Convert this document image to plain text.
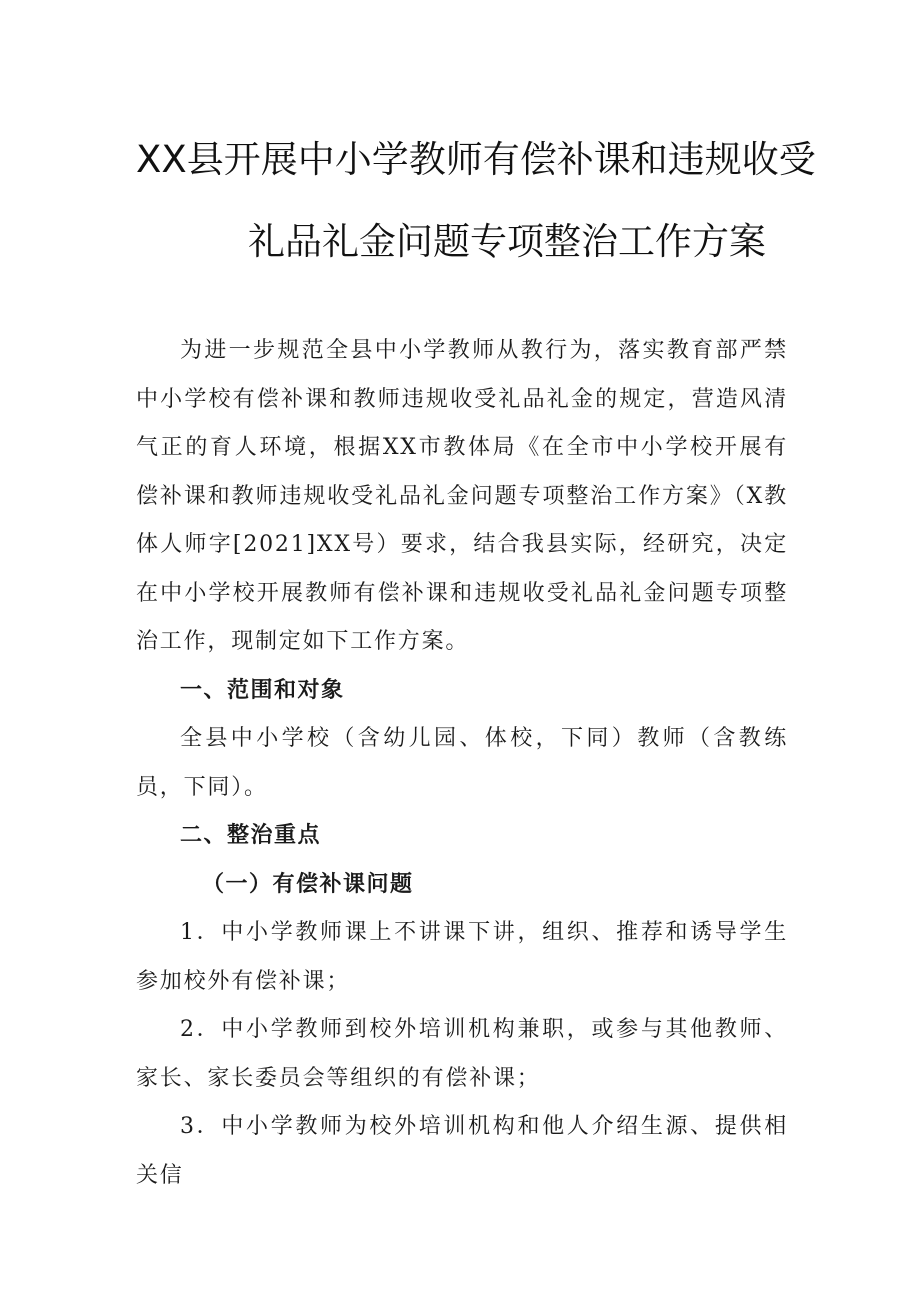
XX县开展中小学教师有偿补课和违规收受
礼品礼金问题专项整治工作方案

为进一步规范全县中小学教师从教行为，落实教育部严禁中小学校有偿补课和教师违规收受礼品礼金的规定，营造风清气正的育人环境，根据XX市教体局《在全市中小学校开展有偿补课和教师违规收受礼品礼金问题专项整治工作方案》（X教体人师字[2021]XX号）要求，结合我县实际，经研究，决定在中小学校开展教师有偿补课和违规收受礼品礼金问题专项整治工作，现制定如下工作方案。

一、范围和对象

全县中小学校（含幼儿园、体校，下同）教师（含教练员，下同）。

二、整治重点

（一）有偿补课问题

1．中小学教师课上不讲课下讲，组织、推荐和诱导学生参加校外有偿补课；

2．中小学教师到校外培训机构兼职，或参与其他教师、家长、家长委员会等组织的有偿补课；

3．中小学教师为校外培训机构和他人介绍生源、提供相关信
